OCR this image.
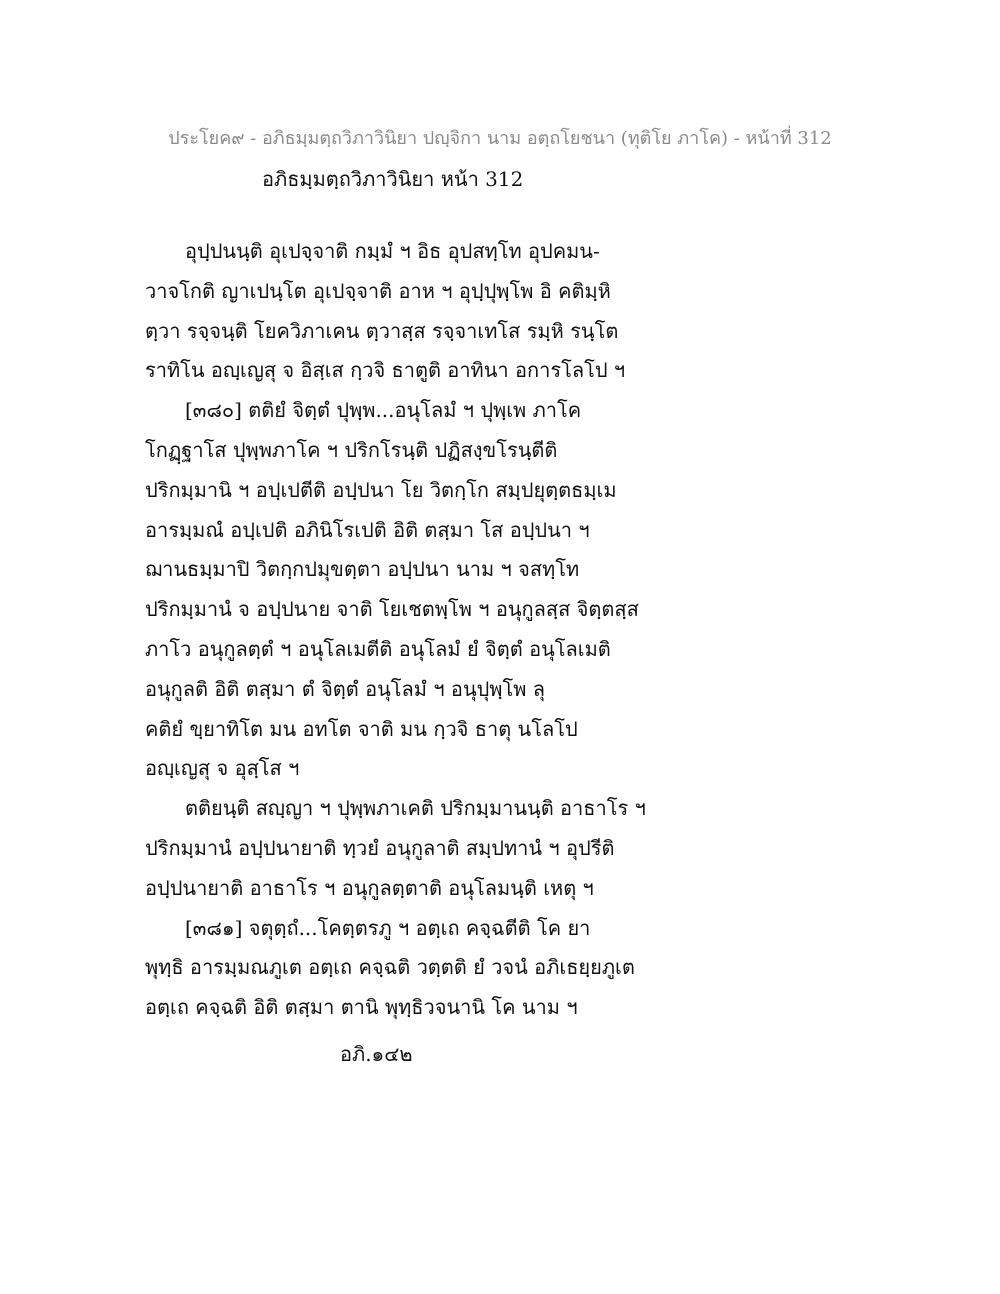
ประโยค๙ - อภิธมฺมตฺถวิภาวินิยา ปญฺจิกา นาม อตฺถโยชนา (ทุติโย ภาโค) - หน้าที่ 312
อภิธมฺมตฺถวิภาวินิยา หน้า 312
อุปฺปนนฺติ อุเปจฺจาติ กมฺมํ ฯ อิธ อุปสทฺโท อุปคมน-
วาจโกติ ญาเปนฺโต อุเปจฺจาติ อาห ฯ อุปฺปุพฺโพ อิ คติมฺหิ
ตฺวา รจฺจนฺติ โยควิภาเคน ตฺวาสฺส รจฺจาเทโส รมฺหิ รนฺโต
ราทิโน อญฺเญสุ จ อิสฺเส กฺวจิ ธาตูติ อาทินา อการโลโป ฯ
[๓๘๐] ตติยํ จิตฺตํ ปุพฺพ...อนุโลมํ ฯ ปุพฺเพ ภาโค
โกฏฺฐาโส ปุพฺพภาโค ฯ ปริกโรนฺติ ปฏิสงฺขโรนฺตีติ
ปริกมฺมานิ ฯ อปฺเปตีติ อปฺปนา โย วิตกฺโก สมฺปยุตฺตธมฺเม
อารมฺมณํ อปฺเปติ อภินิโรเปติ อิติ ตสฺมา โส อปฺปนา ฯ
ฌานธมฺมาปิ วิตกฺกปมุขตฺตา อปฺปนา นาม ฯ จสทฺโท
ปริกมฺมานํ จ อปฺปนาย จาติ โยเชตพฺโพ ฯ อนุกูลสฺส จิตฺตสฺส
ภาโว อนุกูลตฺตํ ฯ อนุโลเมตีติ อนุโลมํ ยํ จิตฺตํ อนุโลเมติ
อนุกูลติ อิติ ตสฺมา ตํ จิตฺตํ อนุโลมํ ฯ อนุปุพฺโพ ลุ
คติยํ ขฺยาทิโต มน อทโต จาติ มน กฺวจิ ธาตุ นโลโป
อญฺเญสุ จ อุสฺโส ฯ
ตติยนฺติ สญฺญา ฯ ปุพฺพภาเคติ ปริกมฺมานนฺติ อาธาโร ฯ
ปริกมฺมานํ อปฺปนายาติ ทฺวยํ อนุกูลาติ สมฺปทานํ ฯ อุปรีติ
อปฺปนายาติ อาธาโร ฯ อนุกูลตฺตาติ อนุโลมนฺติ เหตุ ฯ
[๓๘๑] จตุตฺถํ...โคตฺตรภู ฯ อตฺเถ คจฺฉตีติ โค ยา
พุทฺธิ อารมฺมณภูเต อตฺเถ คจฺฉติ วตฺตติ ยํ วจนํ อภิเธยฺยภูเต
อตฺเถ คจฺฉติ อิติ ตสฺมา ตานิ พุทฺธิวจนานิ โค นาม ฯ
อภิ.๑๔๒
